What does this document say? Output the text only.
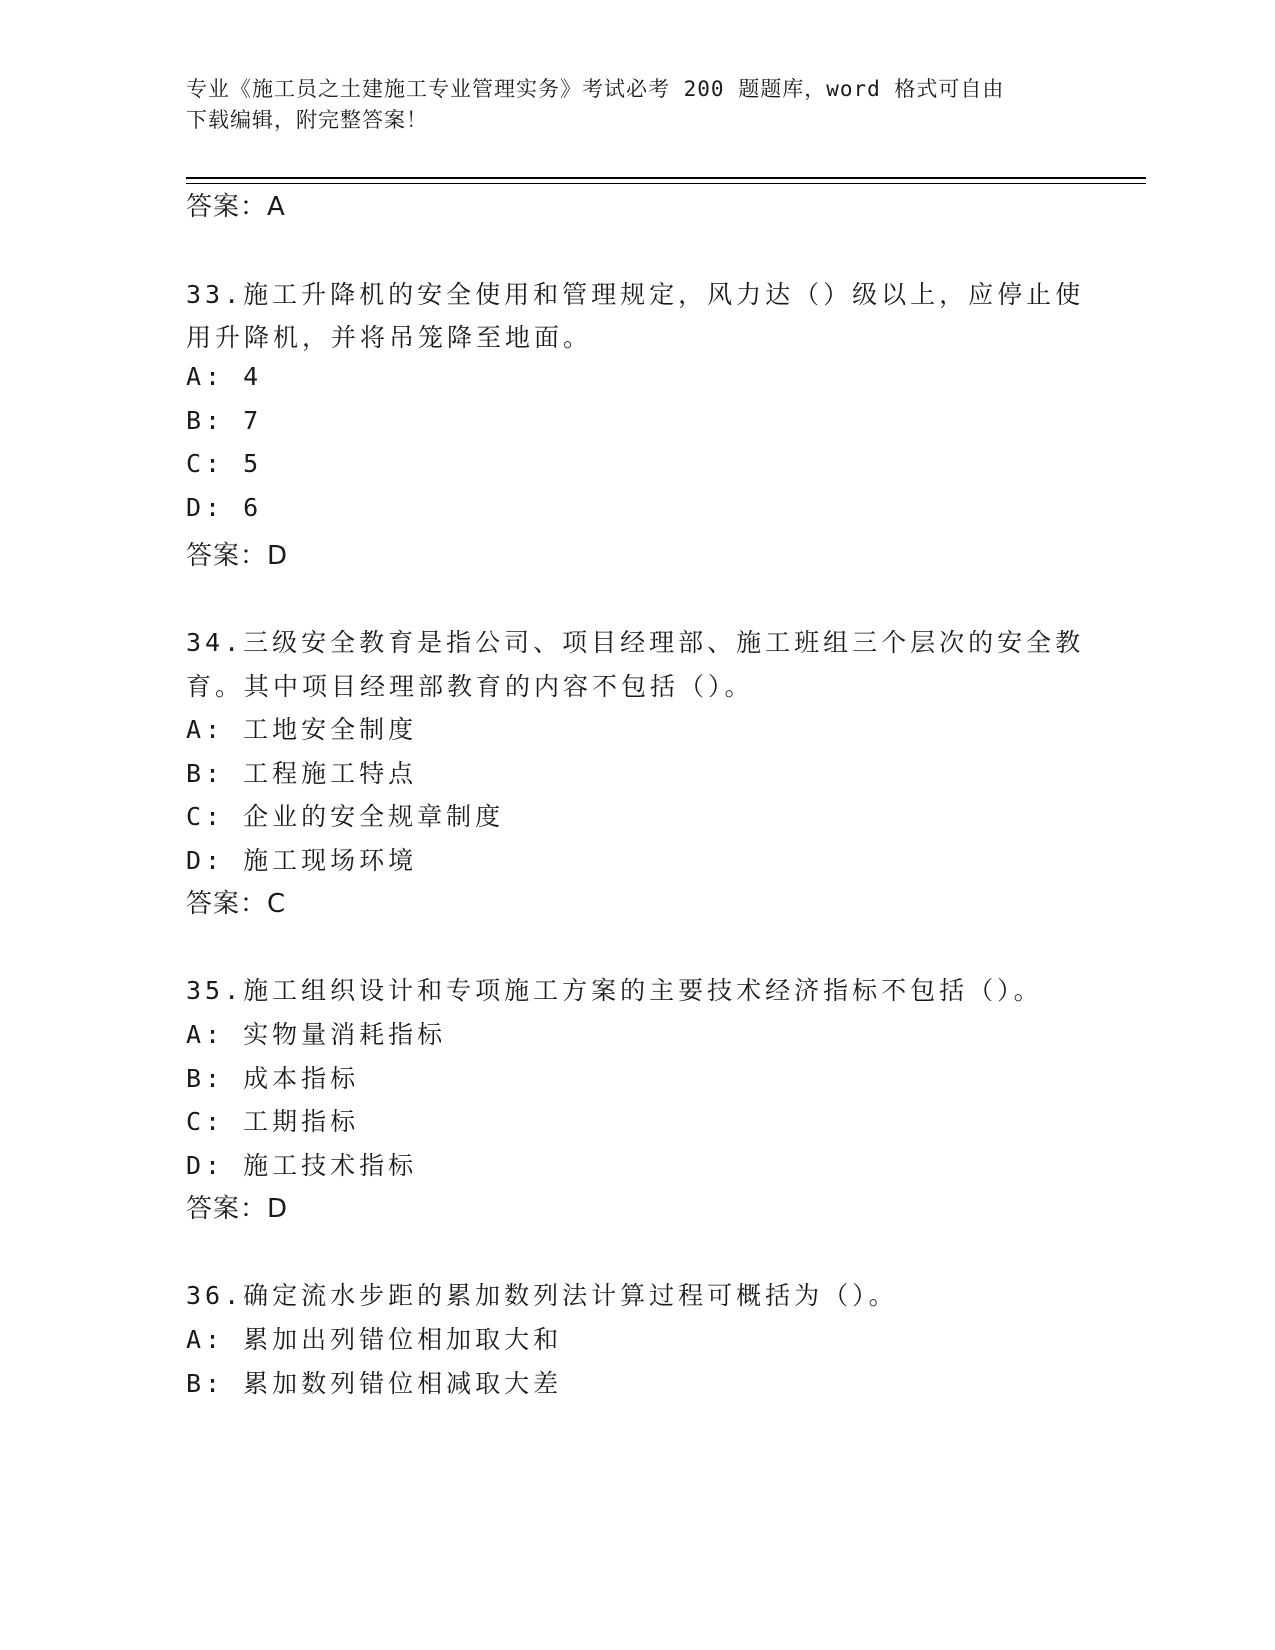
专业《施工员之土建施工专业管理实务》考试必考 200 题题库，word 格式可自由
下载编辑，附完整答案！
答案：A
33.施工升降机的安全使用和管理规定，风力达（）级以上，应停止使
用升降机，并将吊笼降至地面。
A: 4
B: 7
C: 5
D: 6
答案：D
34.三级安全教育是指公司、项目经理部、施工班组三个层次的安全教
育。其中项目经理部教育的内容不包括（）。
A: 工地安全制度
B: 工程施工特点
C: 企业的安全规章制度
D: 施工现场环境
答案：C
35.施工组织设计和专项施工方案的主要技术经济指标不包括（）。
A: 实物量消耗指标
B: 成本指标
C: 工期指标
D: 施工技术指标
答案：D
36.确定流水步距的累加数列法计算过程可概括为（）。
A: 累加出列错位相加取大和
B: 累加数列错位相减取大差
